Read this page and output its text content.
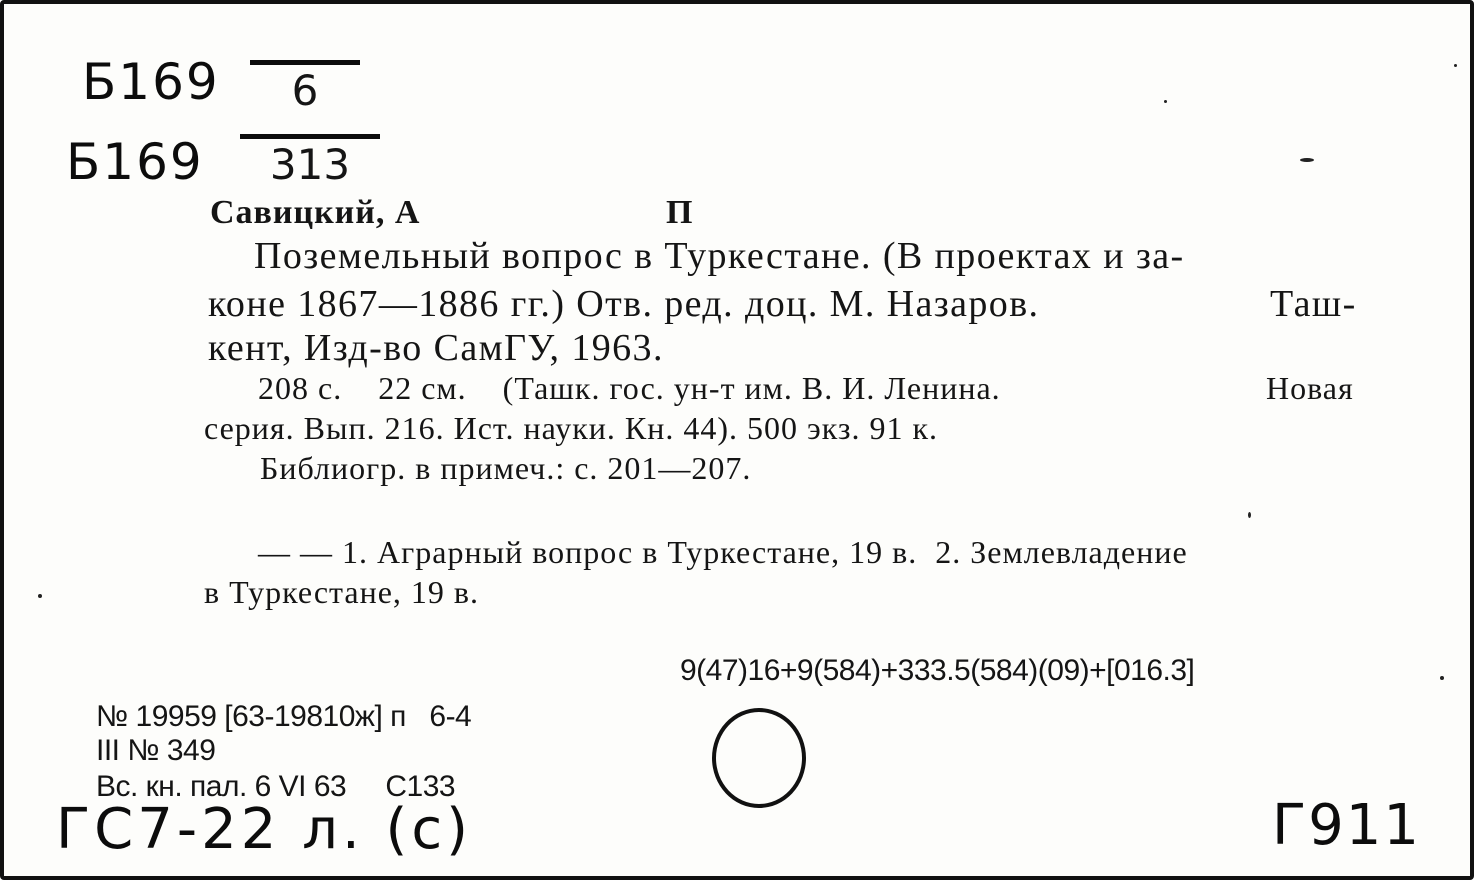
Б169	6
Б169	313
Савицкий, А	П
Поземельный вопрос в Туркестане. (В проектах и за-
коне 1867—1886 гг.) Отв. ред. доц. М. Назаров.	Таш-
кент, Изд-во СамГУ, 1963.
208 с.    22 см.    (Ташк. гос. ун-т им. В. И. Ленина.	Новая
серия. Вып. 216. Ист. науки. Кн. 44). 500 экз. 91 к.
Библиогр. в примеч.: с. 201—207.
— — 1. Аграрный вопрос в Туркестане, 19 в.  2. Землевладение
в Туркестане, 19 в.
9(47)16+9(584)+333.5(584)(09)+[016.3]
№ 19959 [63-19810ж] п   6-4
III № 349
Вс. кн. пал. 6 VI 63     С133
ГС7-22 л. (с)	Г911
